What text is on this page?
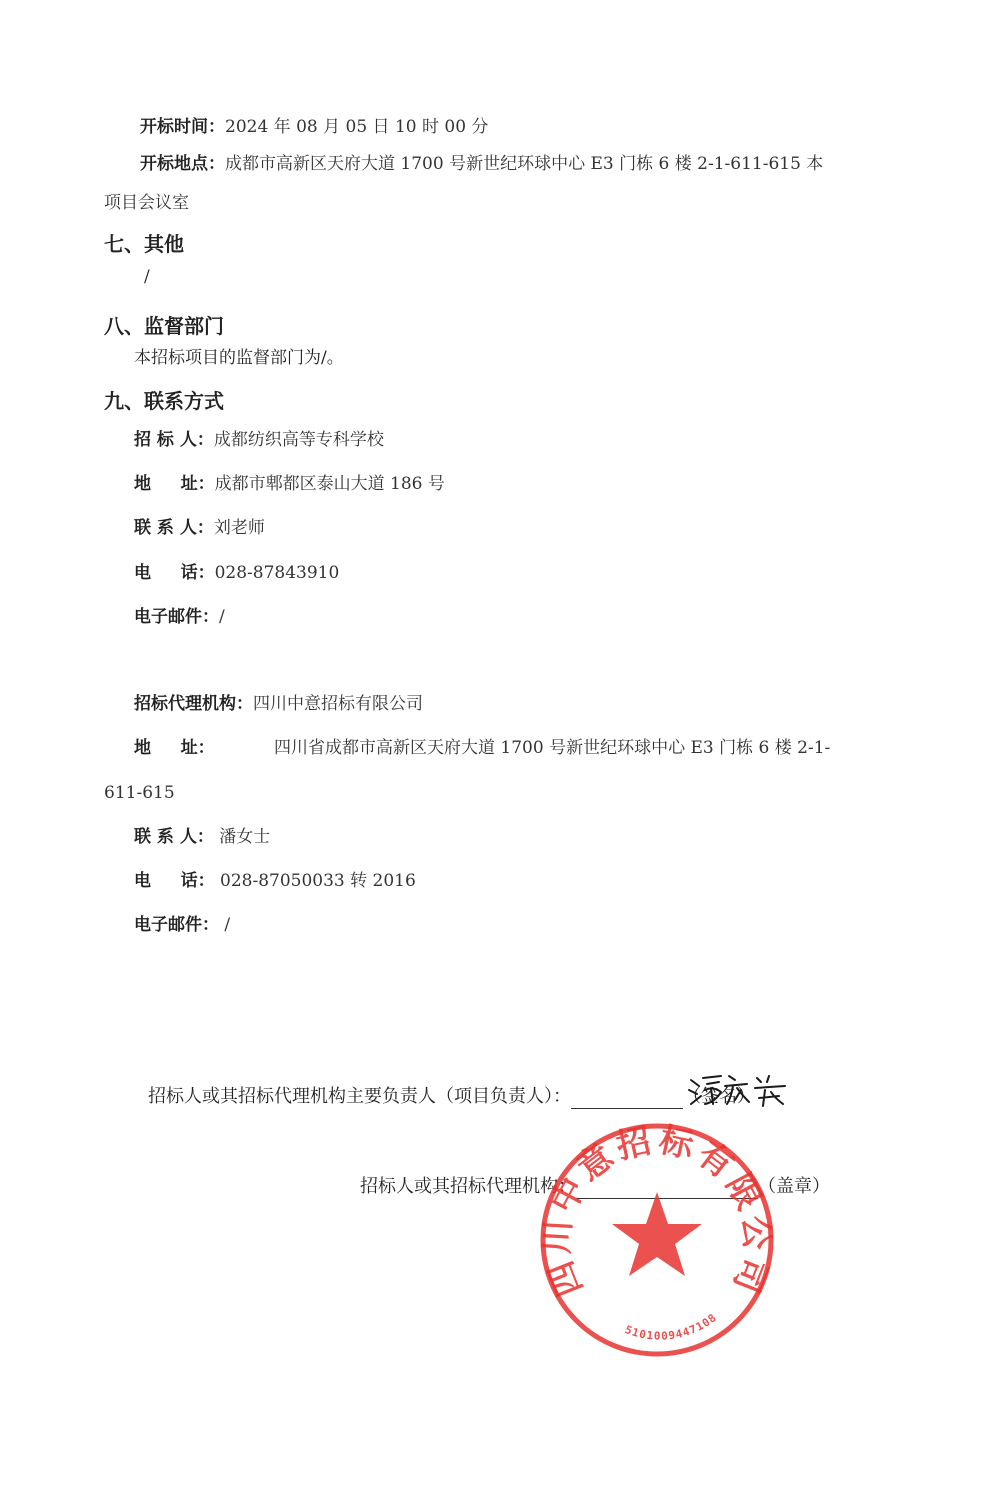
开标时间：2024 年 08 月 05 日 10 时 00 分
开标地点：成都市高新区天府大道 1700 号新世纪环球中心 E3 门栋 6 楼 2-1-611-615 本
项目会议室
七、其他
/
八、监督部门
本招标项目的监督部门为/。
九、联系方式
招 标 人：成都纺织高等专科学校
地     址：成都市郫都区泰山大道 186 号
联 系 人：刘老师
电     话：028-87843910
电子邮件：/
招标代理机构：四川中意招标有限公司
地     址：	四川省成都市高新区天府大道 1700 号新世纪环球中心 E3 门栋 6 楼 2-1-
611-615
联 系 人： 潘女士
电     话： 028-87050033 转 2016
电子邮件： /
招标人或其招标代理机构主要负责人（项目负责人）：	（签名）
招标人或其招标代理机构：	（盖章）
四川中意招标有限公司
5101009447108
